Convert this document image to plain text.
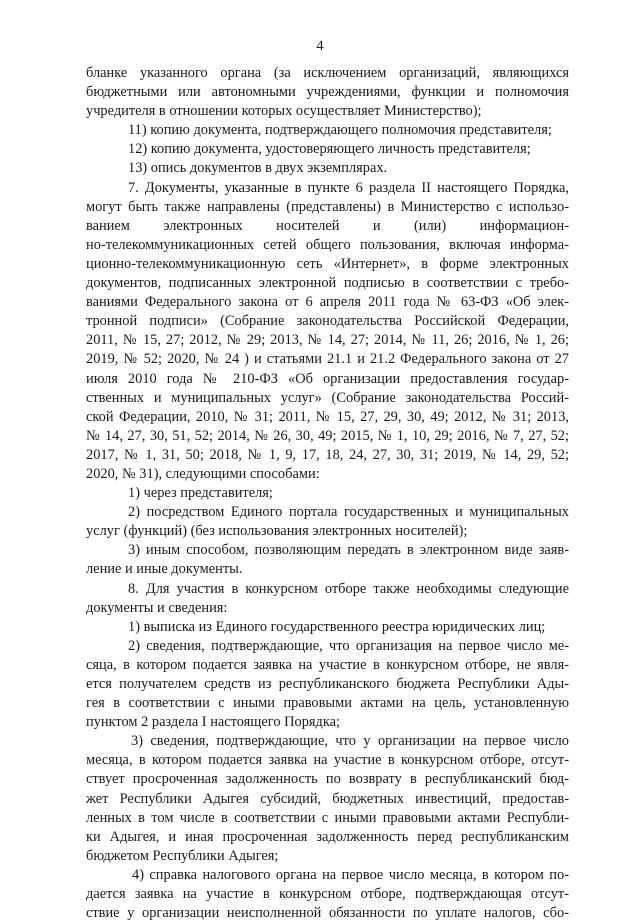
4
бланке указанного органа (за исключением организаций, являющихся
бюджетными или автономными учреждениями, функции и полномочия
учредителя в отношении которых осуществляет Министерство);
11) копию документа, подтверждающего полномочия представителя;
12) копию документа, удостоверяющего личность представителя;
13) опись документов в двух экземплярах.
7. Документы, указанные в пункте 6 раздела II настоящего Порядка,
могут быть также направлены (представлены) в Министерство с использо-
ванием электронных носителей и (или) информацион-
но-телекоммуникационных сетей общего пользования, включая информа-
ционно-телекоммуникационную сеть «Интернет», в форме электронных
документов, подписанных электронной подписью в соответствии с требо-
ваниями Федерального закона от 6 апреля 2011 года № 63-ФЗ «Об элек-
тронной подписи» (Собрание законодательства Российской Федерации,
2011, № 15, 27; 2012, № 29; 2013, № 14, 27; 2014, № 11, 26; 2016, № 1, 26;
2019, № 52; 2020, № 24 ) и статьями 21.1 и 21.2 Федерального закона от 27
июля 2010 года № 210-ФЗ «Об организации предоставления государ-
ственных и муниципальных услуг» (Собрание законодательства Россий-
ской Федерации, 2010, № 31; 2011, № 15, 27, 29, 30, 49; 2012, № 31; 2013,
№ 14, 27, 30, 51, 52; 2014, № 26, 30, 49; 2015, № 1, 10, 29; 2016, № 7, 27, 52;
2017, № 1, 31, 50; 2018, № 1, 9, 17, 18, 24, 27, 30, 31; 2019, № 14, 29, 52;
2020, № 31), следующими способами:
1) через представителя;
2) посредством Единого портала государственных и муниципальных
услуг (функций) (без использования электронных носителей);
3) иным способом, позволяющим передать в электронном виде заяв-
ление и иные документы.
8. Для участия в конкурсном отборе также необходимы следующие
документы и сведения:
1) выписка из Единого государственного реестра юридических лиц;
2) сведения, подтверждающие, что организация на первое число ме-
сяца, в котором подается заявка на участие в конкурсном отборе, не явля-
ется получателем средств из республиканского бюджета Республики Ады-
гея в соответствии с иными правовыми актами на цель, установленную
пунктом 2 раздела I настоящего Порядка;
3) сведения, подтверждающие, что у организации на первое число
месяца, в котором подается заявка на участие в конкурсном отборе, отсут-
ствует просроченная задолженность по возврату в республиканский бюд-
жет Республики Адыгея субсидий, бюджетных инвестиций, предостав-
ленных в том числе в соответствии с иными правовыми актами Республи-
ки Адыгея, и иная просроченная задолженность перед республиканским
бюджетом Республики Адыгея;
4) справка налогового органа на первое число месяца, в котором по-
дается заявка на участие в конкурсном отборе, подтверждающая отсут-
ствие у организации неисполненной обязанности по уплате налогов, сбо-
